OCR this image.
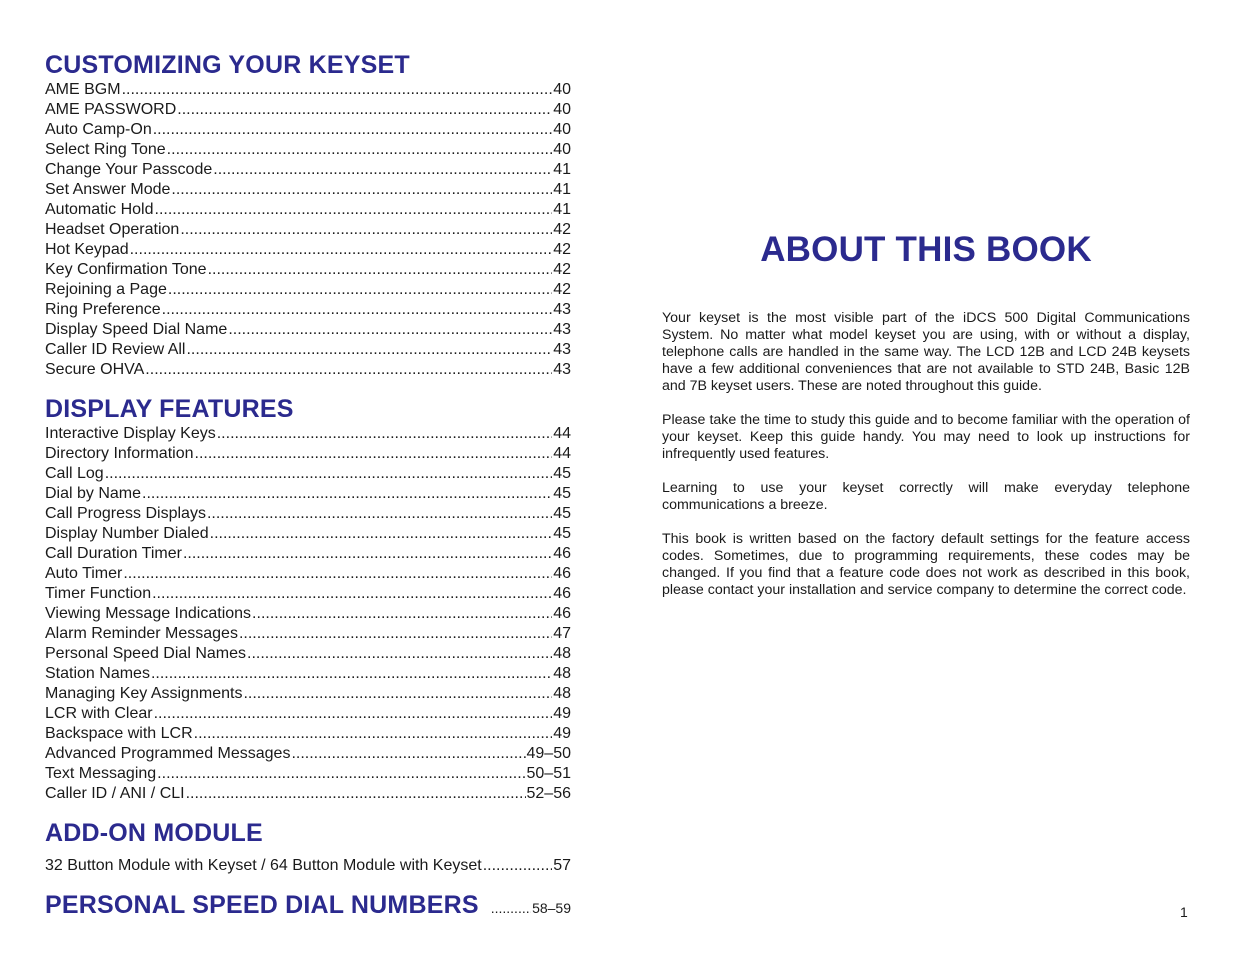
CUSTOMIZING YOUR KEYSET
AME BGM .....	40
AME PASSWORD .....	40
Auto Camp-On .....	40
Select Ring Tone .....	40
Change Your Passcode .....	41
Set Answer Mode .....	41
Automatic Hold .....	41
Headset Operation .....	42
Hot Keypad .....	42
Key Confirmation Tone .....	42
Rejoining a Page .....	42
Ring Preference .....	43
Display Speed Dial Name .....	43
Caller ID Review All .....	43
Secure OHVA .....	43
DISPLAY FEATURES
Interactive Display Keys .....	44
Directory Information .....	44
Call Log .....	45
Dial by Name .....	45
Call Progress Displays .....	45
Display Number Dialed .....	45
Call Duration Timer .....	46
Auto Timer .....	46
Timer Function .....	46
Viewing Message Indications .....	46
Alarm Reminder Messages .....	47
Personal Speed Dial Names .....	48
Station Names .....	48
Managing Key Assignments .....	48
LCR with Clear .....	49
Backspace with LCR .....	49
Advanced Programmed Messages .....	49–50
Text Messaging .....	50–51
Caller ID / ANI / CLI .....	52–56
ADD-ON MODULE
32 Button Module with Keyset / 64 Button Module with Keyset .....	57
PERSONAL SPEED DIAL NUMBERS .....	58–59
ABOUT THIS BOOK

Your keyset is the most visible part of the iDCS 500 Digital Communications System. No matter what model keyset you are using, with or without a display, telephone calls are handled in the same way. The LCD 12B and LCD 24B keysets have a few additional conveniences that are not available to STD 24B, Basic 12B and 7B keyset users. These are noted throughout this guide.

Please take the time to study this guide and to become familiar with the operation of your keyset. Keep this guide handy. You may need to look up instructions for infrequently used features.

Learning to use your keyset correctly will make everyday telephone communications a breeze.

This book is written based on the factory default settings for the feature access codes. Sometimes, due to programming requirements, these codes may be changed. If you find that a feature code does not work as described in this book, please contact your installation and service company to determine the correct code.

1
